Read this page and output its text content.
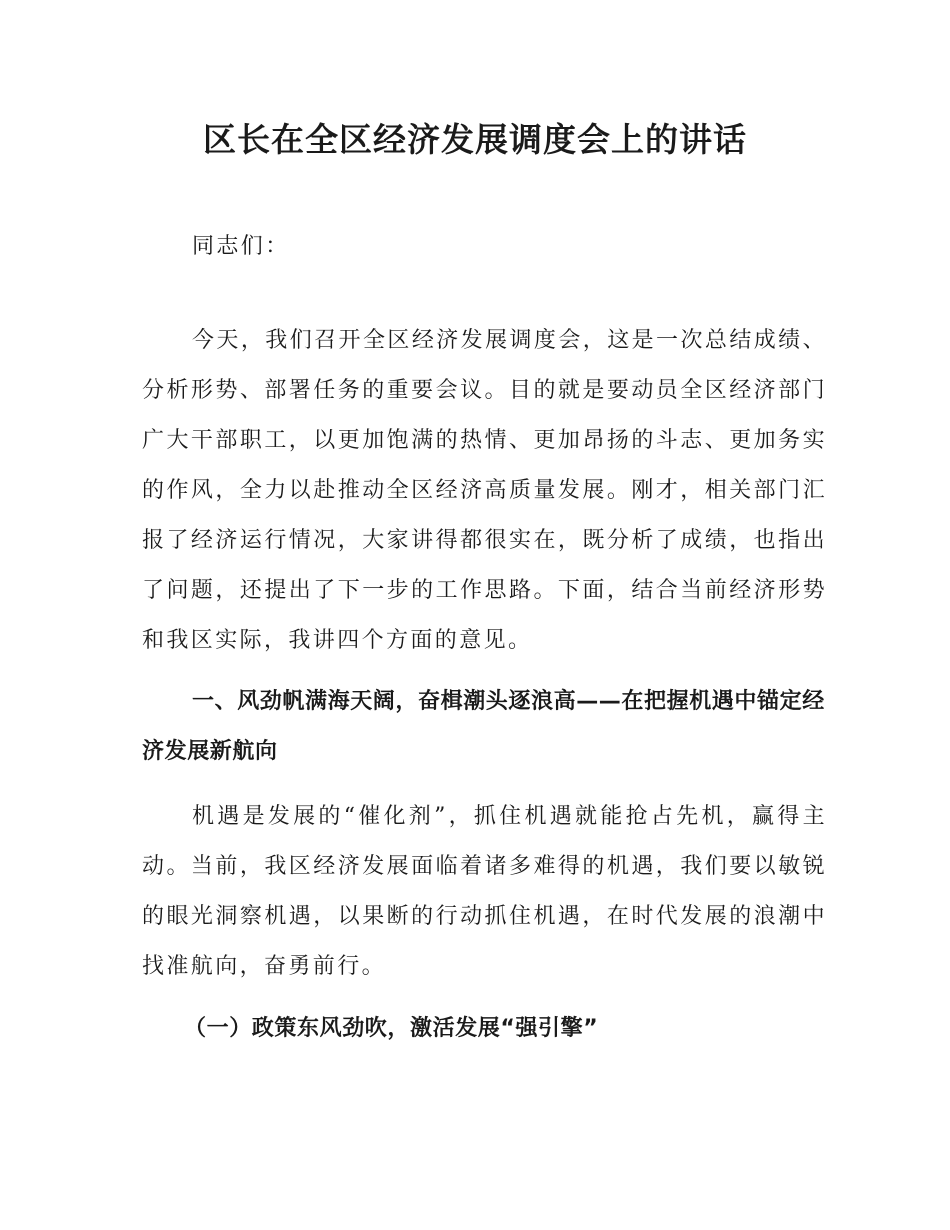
区长在全区经济发展调度会上的讲话

同志们：

今天，我们召开全区经济发展调度会，这是一次总结成绩、分析形势、部署任务的重要会议。目的就是要动员全区经济部门广大干部职工，以更加饱满的热情、更加昂扬的斗志、更加务实的作风，全力以赴推动全区经济高质量发展。刚才，相关部门汇报了经济运行情况，大家讲得都很实在，既分析了成绩，也指出了问题，还提出了下一步的工作思路。下面，结合当前经济形势和我区实际，我讲四个方面的意见。

一、风劲帆满海天阔，奋楫潮头逐浪高——在把握机遇中锚定经济发展新航向

机遇是发展的“催化剂”，抓住机遇就能抢占先机，赢得主动。当前，我区经济发展面临着诸多难得的机遇，我们要以敏锐的眼光洞察机遇，以果断的行动抓住机遇，在时代发展的浪潮中找准航向，奋勇前行。

（一）政策东风劲吹，激活发展“强引擎”
